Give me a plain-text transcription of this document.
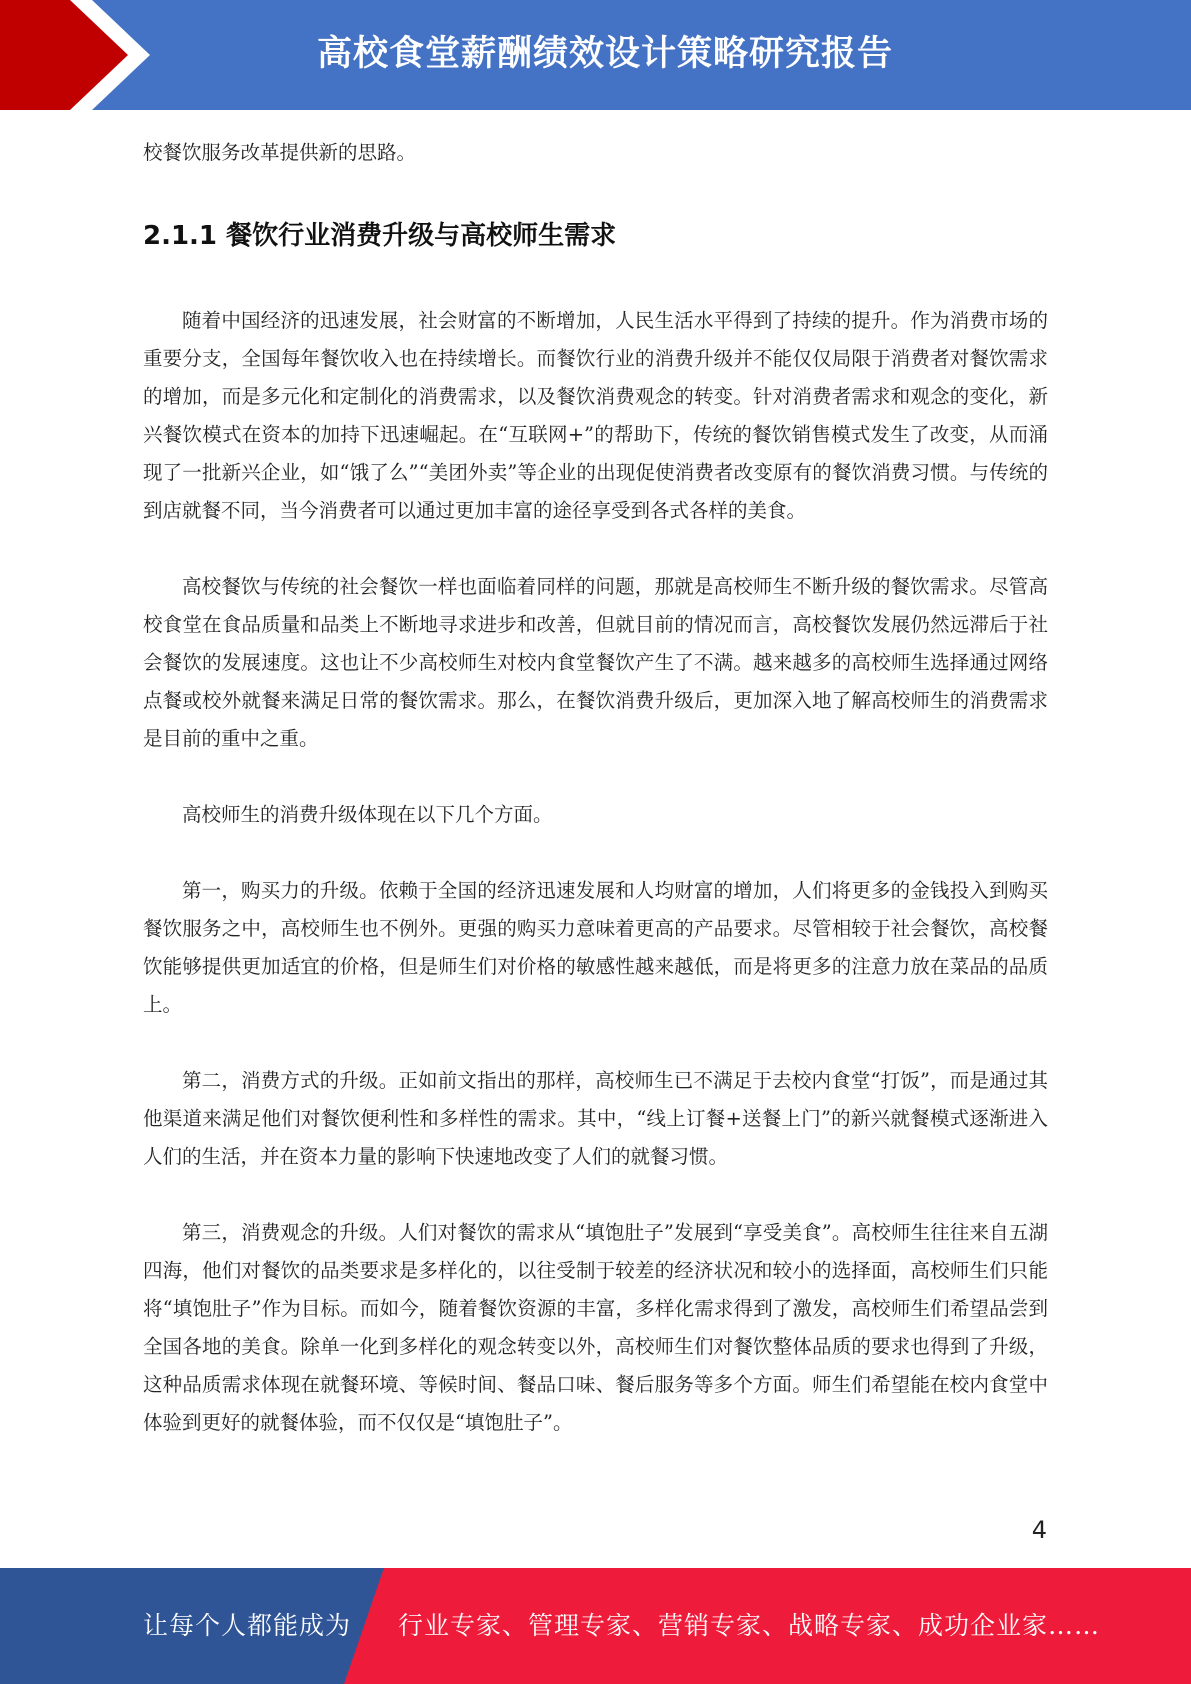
高校食堂薪酬绩效设计策略研究报告

校餐饮服务改革提供新的思路。

2.1.1 餐饮行业消费升级与高校师生需求

随着中国经济的迅速发展，社会财富的不断增加，人民生活水平得到了持续的提升。作为消费市场的重要分支，全国每年餐饮收入也在持续增长。而餐饮行业的消费升级并不能仅仅局限于消费者对餐饮需求的增加，而是多元化和定制化的消费需求，以及餐饮消费观念的转变。针对消费者需求和观念的变化，新兴餐饮模式在资本的加持下迅速崛起。在“互联网+”的帮助下，传统的餐饮销售模式发生了改变，从而涌现了一批新兴企业，如“饿了么”“美团外卖”等企业的出现促使消费者改变原有的餐饮消费习惯。与传统的到店就餐不同，当今消费者可以通过更加丰富的途径享受到各式各样的美食。

高校餐饮与传统的社会餐饮一样也面临着同样的问题，那就是高校师生不断升级的餐饮需求。尽管高校食堂在食品质量和品类上不断地寻求进步和改善，但就目前的情况而言，高校餐饮发展仍然远滞后于社会餐饮的发展速度。这也让不少高校师生对校内食堂餐饮产生了不满。越来越多的高校师生选择通过网络点餐或校外就餐来满足日常的餐饮需求。那么，在餐饮消费升级后，更加深入地了解高校师生的消费需求是目前的重中之重。

高校师生的消费升级体现在以下几个方面。

第一，购买力的升级。依赖于全国的经济迅速发展和人均财富的增加，人们将更多的金钱投入到购买餐饮服务之中，高校师生也不例外。更强的购买力意味着更高的产品要求。尽管相较于社会餐饮，高校餐饮能够提供更加适宜的价格，但是师生们对价格的敏感性越来越低，而是将更多的注意力放在菜品的品质上。

第二，消费方式的升级。正如前文指出的那样，高校师生已不满足于去校内食堂“打饭”，而是通过其他渠道来满足他们对餐饮便利性和多样性的需求。其中，“线上订餐+送餐上门”的新兴就餐模式逐渐进入人们的生活，并在资本力量的影响下快速地改变了人们的就餐习惯。

第三，消费观念的升级。人们对餐饮的需求从“填饱肚子”发展到“享受美食”。高校师生往往来自五湖四海，他们对餐饮的品类要求是多样化的，以往受制于较差的经济状况和较小的选择面，高校师生们只能将“填饱肚子”作为目标。而如今，随着餐饮资源的丰富，多样化需求得到了激发，高校师生们希望品尝到全国各地的美食。除单一化到多样化的观念转变以外，高校师生们对餐饮整体品质的要求也得到了升级，这种品质需求体现在就餐环境、等候时间、餐品口味、餐后服务等多个方面。师生们希望能在校内食堂中体验到更好的就餐体验，而不仅仅是“填饱肚子”。

4
让每个人都能成为 行业专家、管理专家、营销专家、战略专家、成功企业家……
